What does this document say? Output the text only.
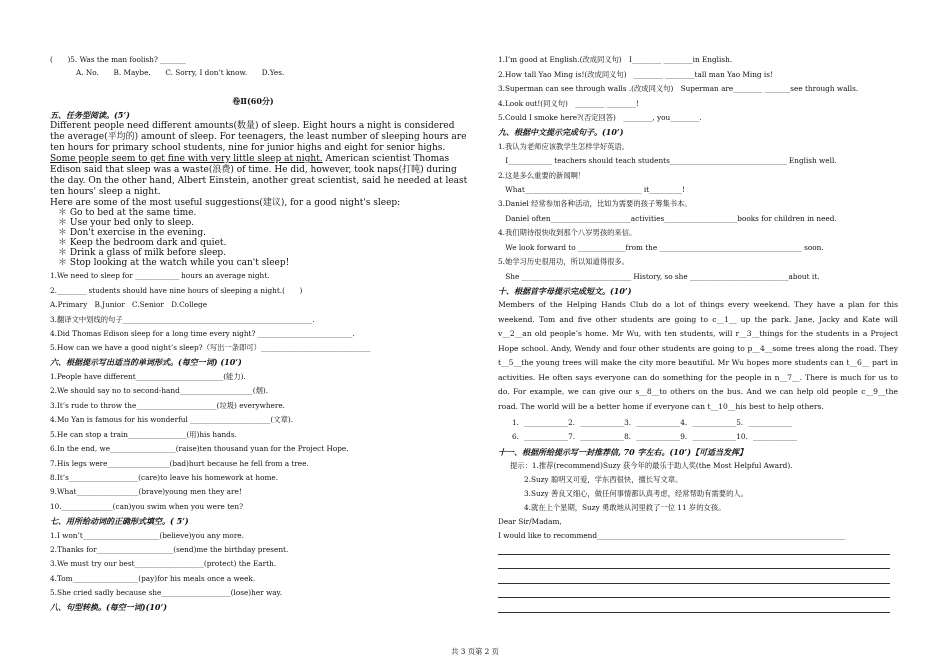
(　　)5. Was the man foolish? _______
A. No.　　B. Maybe.　　C. Sorry, I don’t know.　　D.Yes.
卷Ⅱ(60分)
五、任务型阅读。(5’)
Different people need different amounts(数量) of sleep. Eight hours a night is considered
the average(平均的) amount of sleep. For teenagers, the least number of sleeping hours are
ten hours for primary school students, nine for junior highs and eight for senior highs.
Some people seem to get fine with very little sleep at night. American scientist Thomas
Edison said that sleep was a waste(浪费) of time. He did, however, took naps(打盹) during
the day. On the other hand, Albert Einstein, another great scientist, said he needed at least
ten hours' sleep a night.
Here are some of the most useful suggestions(建议), for a good night's sleep:
＊ Go to bed at the same time.
＊ Use your bed only to sleep.
＊ Don't exercise in the evening.
＊ Keep the bedroom dark and quiet.
＊ Drink a glass of milk before sleep.
＊ Stop looking at the watch while you can't sleep!
1.We need to sleep for ____________ hours an average night.
2.________ students should have nine hours of sleeping a night.(　　)
A.Primary　B.Junior　C.Senior　D.College
3.翻译文中划线的句子____________________________________________________.
4.Did Thomas Edison sleep for a long time every night? __________________________.
5.How can we have a good night’s sleep?（写出一条即可）______________________________
六、根据提示写出适当的单词形式。(每空一词) (10’)
1.People have different________________________(能力).
2.We should say no to second-hand____________________(烟).
3.It’s rude to throw the______________________(垃圾) everywhere.
4.Mo Yan is famous for his wonderful ______________________(文章).
5.He can stop a train________________(用)his hands.
6.In the end, we__________________(raise)ten thousand yuan for the Project Hope.
7.His legs were_________________(bad)hurt because he fell from a tree.
8.It’s___________________(care)to leave his homework at home.
9.What_________________(brave)young men they are!
10.______________(can)you swim when you were ten?
七、用所给动词的正确形式填空。( 5’)
1.I won’t_____________________(believe)you any more.
2.Thanks for_____________________(send)me the birthday present.
3.We must try our best___________________(protect) the Earth.
4.Tom__________________(pay)for his meals once a week.
5.She cried sadly because she___________________(lose)her way.
八、句型转换。(每空一词)(10’)
1.I’m good at English.(改成同义句)　I________ ________in English.
2.How tall Yao Ming is!(改成同义句)　________ ________tall man Yao Ming is!
3.Superman can see through walls .(改成同义句)　Superman are________ _______see through walls.
4.Look out!(同义句)　________ ________!
5.Could I smoke here?(否定回答)　________, you________.
九、根据中文提示完成句子。(10’)
1.我认为老师应该教学生怎样学好英语。
　I____________ teachers should teach students________________________________ English well.
2.这是多么重要的新闻啊！
　What________________________________ it_________!
3.Daniel 经常参加各种活动，比如为需要的孩子筹集书本。
　Daniel often______________________activities____________________books for children in need.
4.我们期待很快收到那个八岁男孩的来信。
　We look forward to _____________from the _______________________________________ soon.
5.她学习历史很用功，所以知道得很多。
　She ______________________________ History, so she ___________________________about it.
十、根据首字母提示完成短文。(10’)
Members of the Helping Hands Club do a lot of things every weekend. They have a plan for this weekend. Tom and five other students are going to c__1__ up the park. Jane, Jacky and Kate will v__2__an old people’s home. Mr Wu, with ten students, will r__3__things for the students in a Project Hope school. Andy, Wendy and four other students are going to p__4__some trees along the road. They t__5__the young trees will make the city more beautiful. Mr Wu hopes more students can t__6__ part in activities. He often says everyone can do something for the people in n__7__. There is much for us to do. For example, we can give our s__8__to others on the bus. And we can help old people c__9__the road. The world will be a better home if everyone can t__10__his best to help others.
1. ____________2. ____________3. ____________4. ____________5. ____________
6. ____________7. ____________8. ____________9. ____________10. ____________
十一、根据所给提示写一封推荐信, 70 字左右。(10’)【可适当发挥】
提示：1.推荐(recommend)Suzy 获今年的最乐于助人奖(the Most Helpful Award).
2.Suzy 聪明又可爱，学东西很快，擅长写文章。
3.Suzy 善良又细心，做任何事情都认真考虑，经常帮助有需要的人。
4.就在上个星期，Suzy 勇敢地从河里救了一位 11 岁的女孩。
Dear Sir/Madam,
I would like to recommend____________________________________________________________________
共 3 页第 2 页
